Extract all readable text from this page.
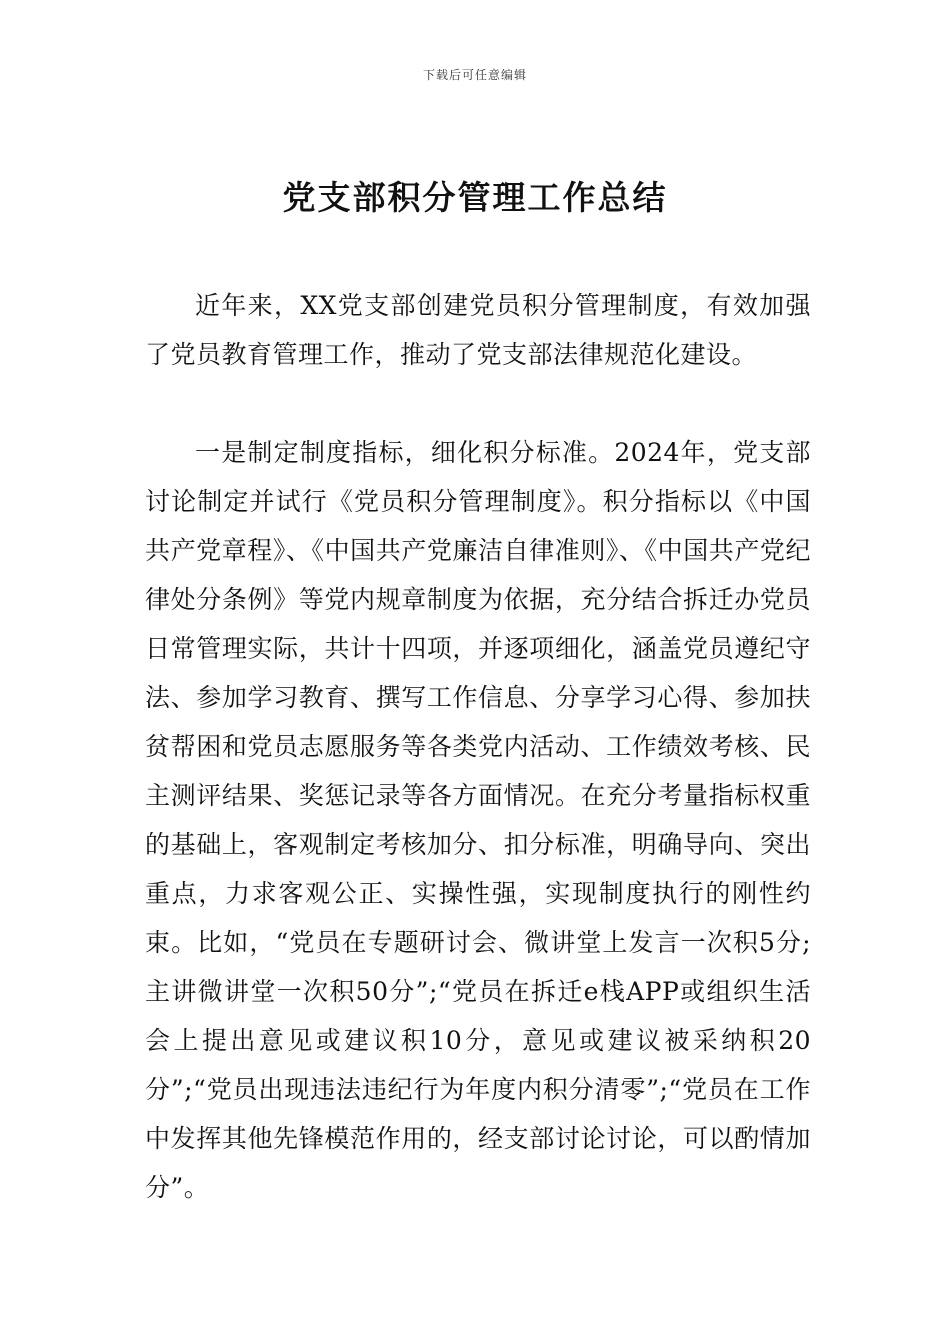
下载后可任意编辑
党支部积分管理工作总结

近年来，XX党支部创建党员积分管理制度，有效加强了党员教育管理工作，推动了党支部法律规范化建设。

一是制定制度指标，细化积分标准。2024年，党支部讨论制定并试行《党员积分管理制度》。积分指标以《中国共产党章程》、《中国共产党廉洁自律准则》、《中国共产党纪律处分条例》等党内规章制度为依据，充分结合拆迁办党员日常管理实际，共计十四项，并逐项细化，涵盖党员遵纪守法、参加学习教育、撰写工作信息、分享学习心得、参加扶贫帮困和党员志愿服务等各类党内活动、工作绩效考核、民主测评结果、奖惩记录等各方面情况。在充分考量指标权重的基础上，客观制定考核加分、扣分标准，明确导向、突出重点，力求客观公正、实操性强，实现制度执行的刚性约束。比如，“党员在专题研讨会、微讲堂上发言一次积5分;主讲微讲堂一次积50分”;“党员在拆迁e栈APP或组织生活会上提出意见或建议积10分，意见或建议被采纳积20分”;“党员出现违法违纪行为年度内积分清零”;“党员在工作中发挥其他先锋模范作用的，经支部讨论讨论，可以酌情加分”。
